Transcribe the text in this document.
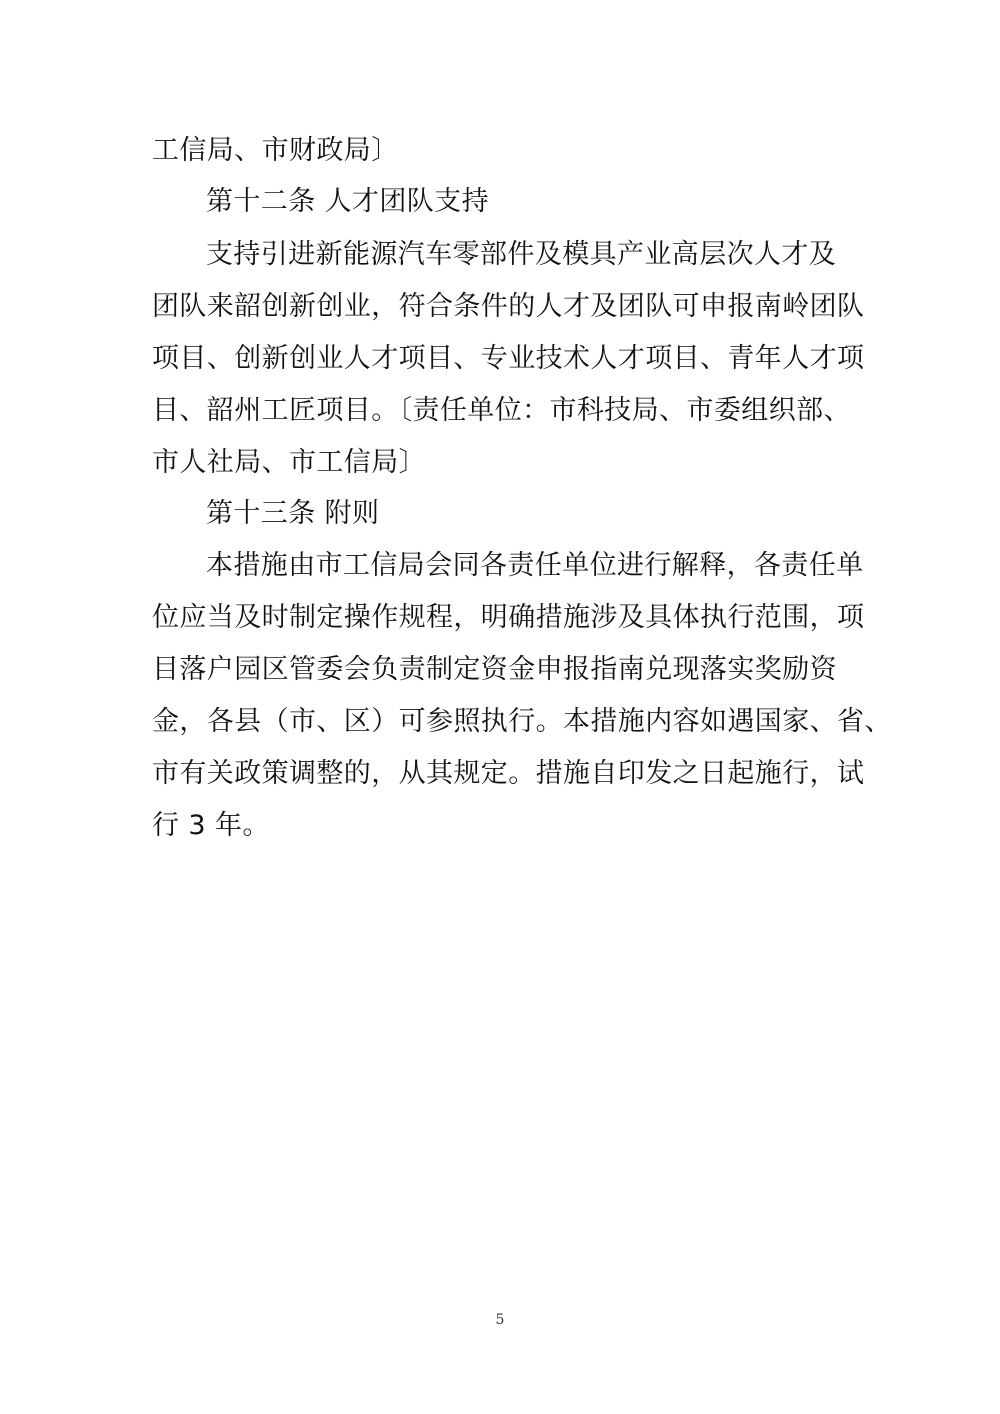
工信局、市财政局〕
第十二条 人才团队支持
支持引进新能源汽车零部件及模具产业高层次人才及
团队来韶创新创业，符合条件的人才及团队可申报南岭团队
项目、创新创业人才项目、专业技术人才项目、青年人才项
目、韶州工匠项目。〔责任单位：市科技局、市委组织部、
市人社局、市工信局〕
第十三条 附则
本措施由市工信局会同各责任单位进行解释，各责任单
位应当及时制定操作规程，明确措施涉及具体执行范围，项
目落户园区管委会负责制定资金申报指南兑现落实奖励资
金，各县（市、区）可参照执行。本措施内容如遇国家、省、
市有关政策调整的，从其规定。措施自印发之日起施行，试
行 3 年。
5
